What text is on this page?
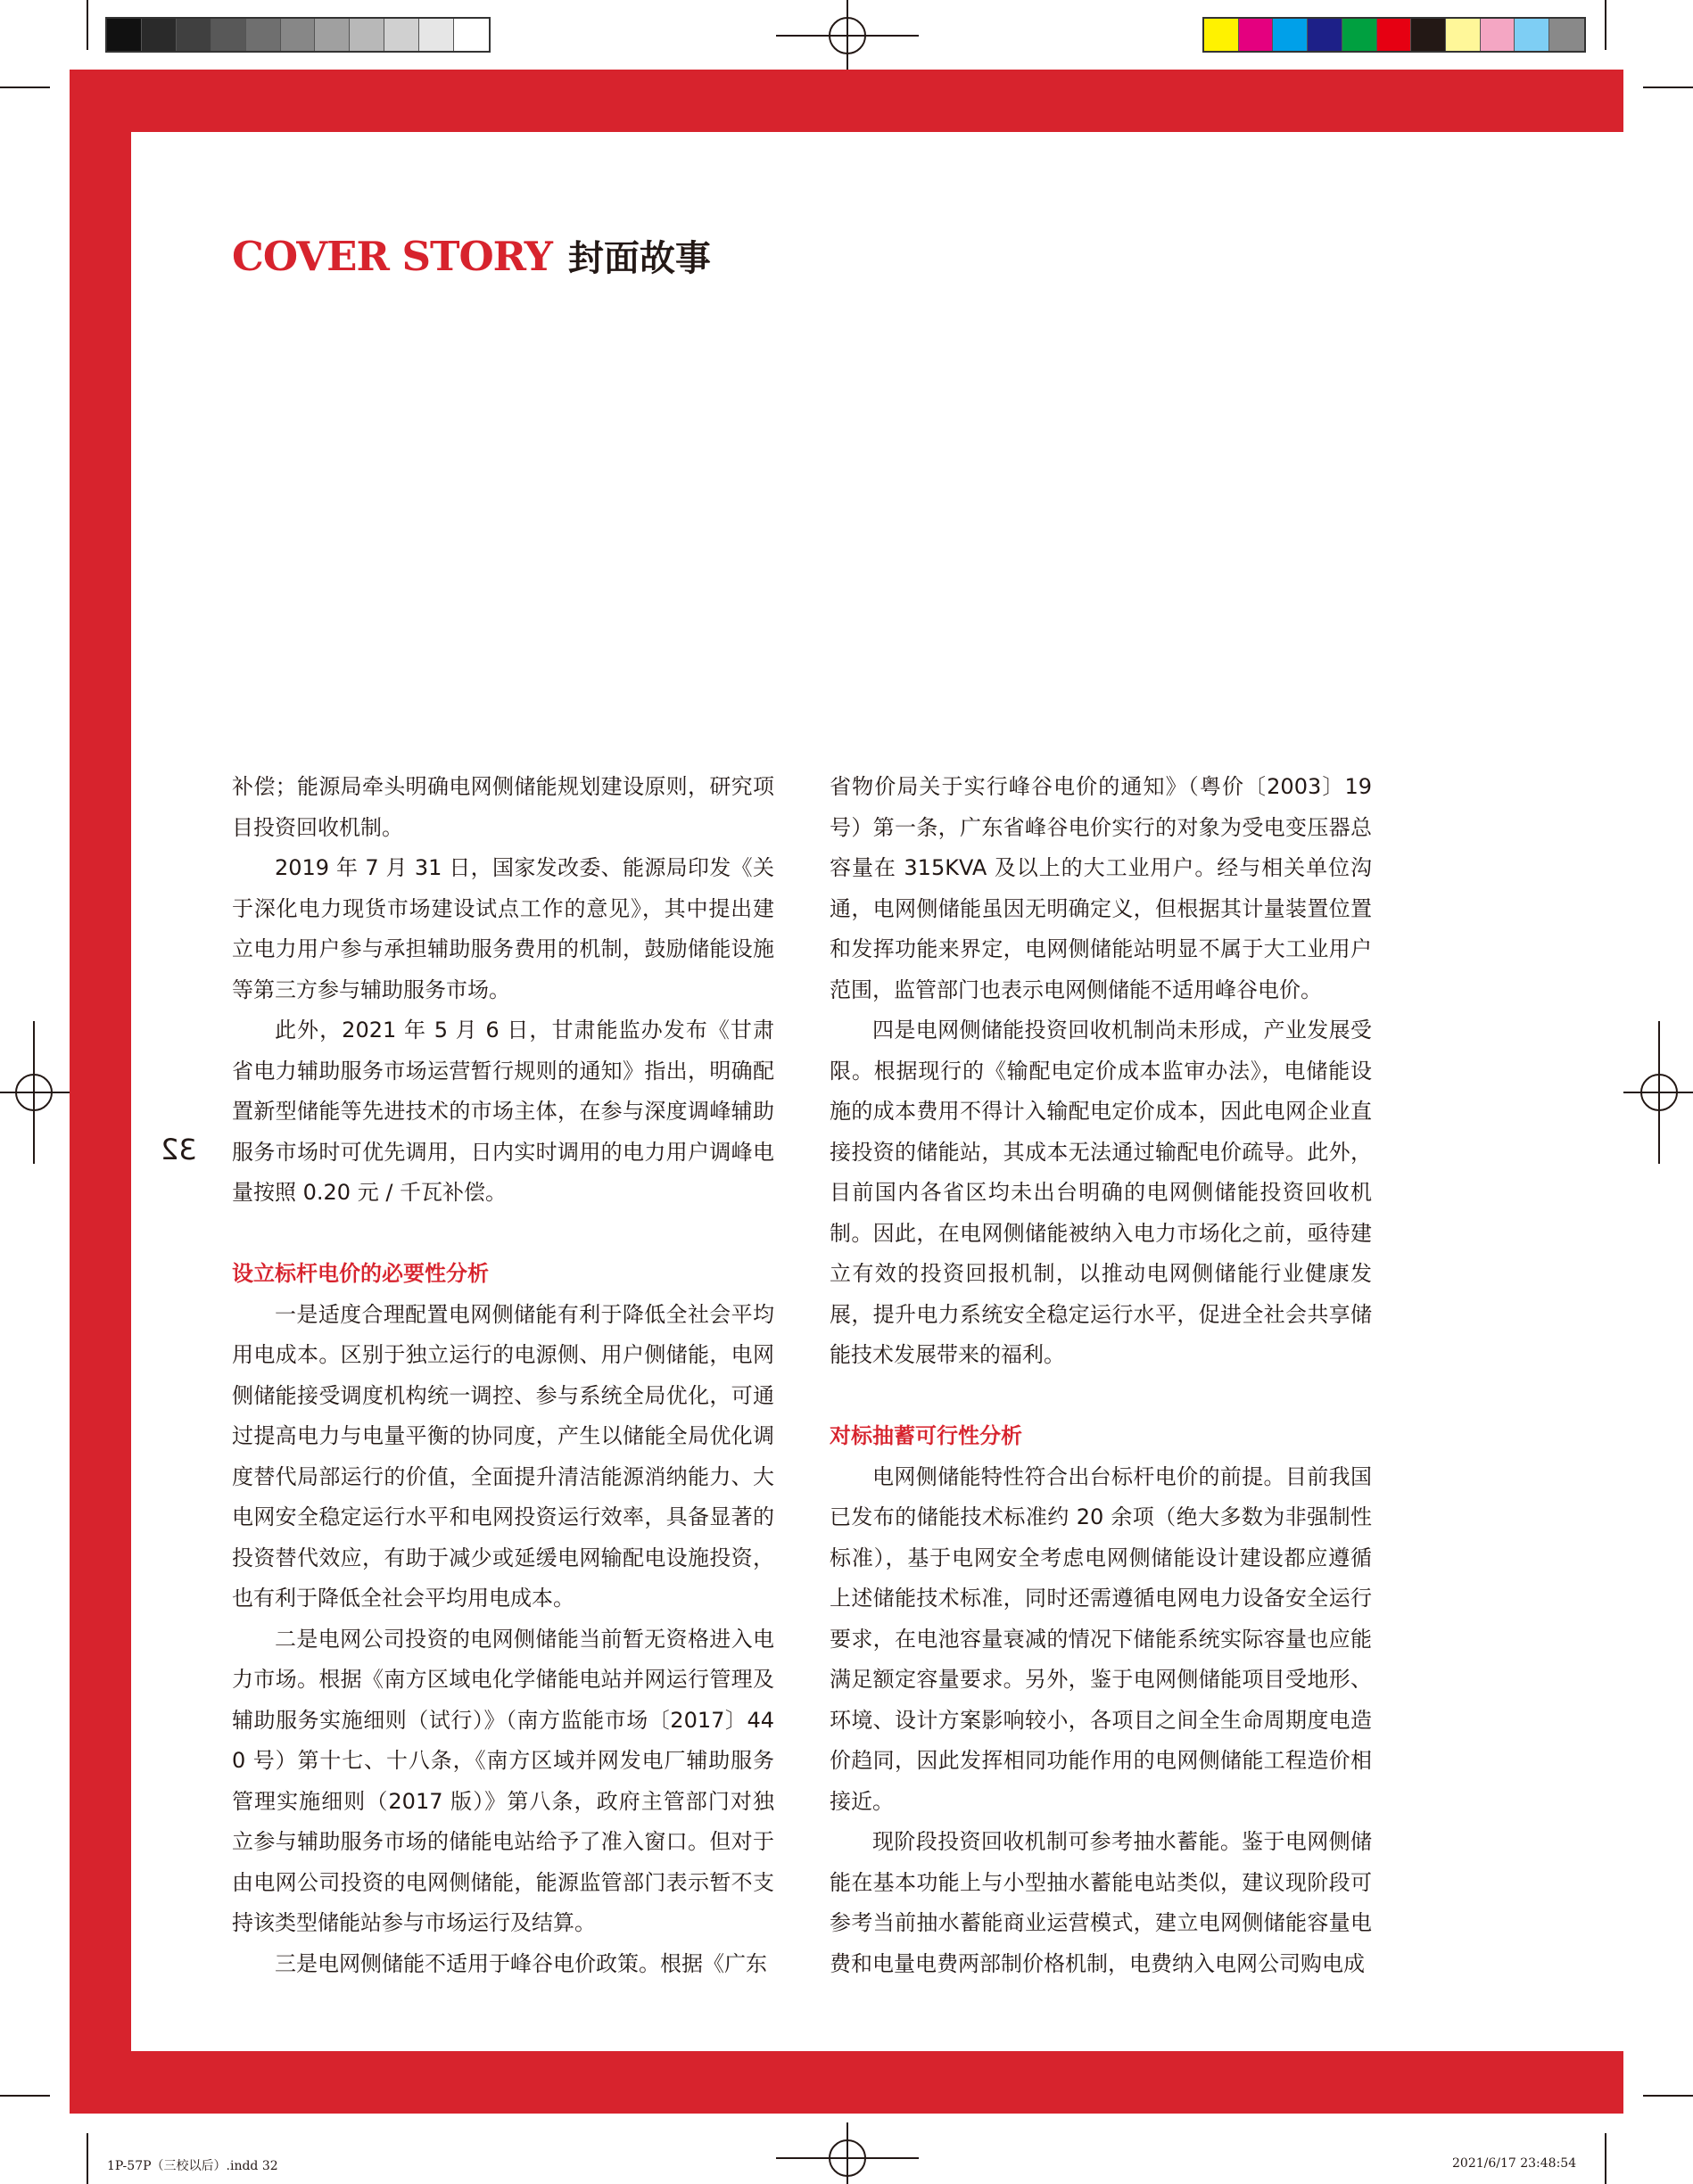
COVER STORY 封面故事
32

补偿；能源局牵头明确电网侧储能规划建设原则，研究项目投资回收机制。

2019 年 7 月 31 日，国家发改委、能源局印发《关于深化电力现货市场建设试点工作的意见》，其中提出建立电力用户参与承担辅助服务费用的机制，鼓励储能设施等第三方参与辅助服务市场。

此外，2021 年 5 月 6 日，甘肃能监办发布《甘肃省电力辅助服务市场运营暂行规则的通知》指出，明确配置新型储能等先进技术的市场主体，在参与深度调峰辅助服务市场时可优先调用，日内实时调用的电力用户调峰电量按照 0.20 元 / 千瓦补偿。

设立标杆电价的必要性分析

一是适度合理配置电网侧储能有利于降低全社会平均用电成本。区别于独立运行的电源侧、用户侧储能，电网侧储能接受调度机构统一调控、参与系统全局优化，可通过提高电力与电量平衡的协同度，产生以储能全局优化调度替代局部运行的价值，全面提升清洁能源消纳能力、大电网安全稳定运行水平和电网投资运行效率，具备显著的投资替代效应，有助于减少或延缓电网输配电设施投资，也有利于降低全社会平均用电成本。

二是电网公司投资的电网侧储能当前暂无资格进入电力市场。根据《南方区域电化学储能电站并网运行管理及辅助服务实施细则（试行）》（南方监能市场〔2017〕440 号）第十七、十八条，《南方区域并网发电厂辅助服务管理实施细则（2017 版）》第八条，政府主管部门对独立参与辅助服务市场的储能电站给予了准入窗口。但对于由电网公司投资的电网侧储能，能源监管部门表示暂不支持该类型储能站参与市场运行及结算。

三是电网侧储能不适用于峰谷电价政策。根据《广东

省物价局关于实行峰谷电价的通知》（粤价〔2003〕19 号）第一条，广东省峰谷电价实行的对象为受电变压器总容量在 315KVA 及以上的大工业用户。经与相关单位沟通，电网侧储能虽因无明确定义，但根据其计量装置位置和发挥功能来界定，电网侧储能站明显不属于大工业用户范围，监管部门也表示电网侧储能不适用峰谷电价。

四是电网侧储能投资回收机制尚未形成，产业发展受限。根据现行的《输配电定价成本监审办法》，电储能设施的成本费用不得计入输配电定价成本，因此电网企业直接投资的储能站，其成本无法通过输配电价疏导。此外，目前国内各省区均未出台明确的电网侧储能投资回收机制。因此，在电网侧储能被纳入电力市场化之前，亟待建立有效的投资回报机制，以推动电网侧储能行业健康发展，提升电力系统安全稳定运行水平，促进全社会共享储能技术发展带来的福利。

对标抽蓄可行性分析

电网侧储能特性符合出台标杆电价的前提。目前我国已发布的储能技术标准约 20 余项（绝大多数为非强制性标准），基于电网安全考虑电网侧储能设计建设都应遵循上述储能技术标准，同时还需遵循电网电力设备安全运行要求，在电池容量衰减的情况下储能系统实际容量也应能满足额定容量要求。另外，鉴于电网侧储能项目受地形、环境、设计方案影响较小，各项目之间全生命周期度电造价趋同，因此发挥相同功能作用的电网侧储能工程造价相接近。

现阶段投资回收机制可参考抽水蓄能。鉴于电网侧储能在基本功能上与小型抽水蓄能电站类似，建议现阶段可参考当前抽水蓄能商业运营模式，建立电网侧储能容量电费和电量电费两部制价格机制，电费纳入电网公司购电成

1P-57P（三校以后）.indd 32	2021/6/17 23:48:54
